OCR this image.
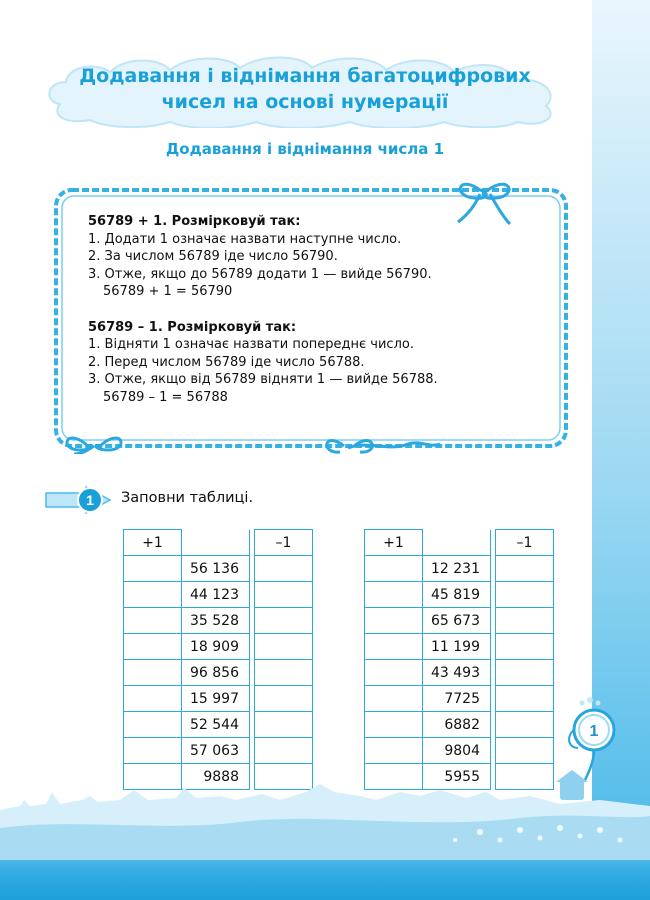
Додавання і віднімання багатоцифрових
чисел на основі нумерації
Додавання і віднімання числа 1

56789 + 1. Розмірковуй так:

1. Додати 1 означає назвати наступне число.

2. За числом 56789 іде число 56790.

3. Отже, якщо до 56789 додати 1 — вийде 56790.

56789 + 1 = 56790

56789 – 1. Розмірковуй так:

1. Відняти 1 означає назвати попереднє число.

2. Перед числом 56789 іде число 56788.

3. Отже, якщо від 56789 відняти 1 — вийде 56788.

56789 – 1 = 56788

1 Заповни таблиці.
+1			–1
	56 136		
	44 123		
	35 528		
	18 909		
	96 856		
	15 997		
	52 544		
	57 063		
	9888		
+1			–1
	12 231		
	45 819		
	65 673		
	11 199		
	43 493		
	7725		
	6882		
	9804		
	5955		
1
